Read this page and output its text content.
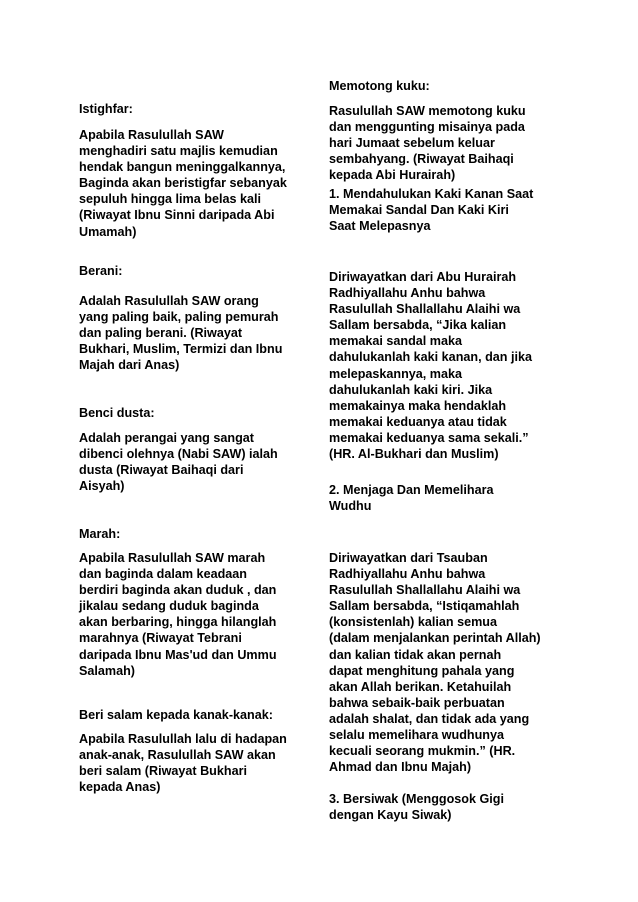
Istighfar:

Apabila Rasulullah SAW
menghadiri satu majlis kemudian
hendak bangun meninggalkannya,
Baginda akan beristigfar sebanyak
sepuluh hingga lima belas kali
(Riwayat Ibnu Sinni daripada Abi
Umamah)

Berani:

Adalah Rasulullah SAW orang
yang paling baik, paling pemurah
dan paling berani. (Riwayat
Bukhari, Muslim, Termizi dan Ibnu
Majah dari Anas)

Benci dusta:

Adalah perangai yang sangat
dibenci olehnya (Nabi SAW) ialah
dusta (Riwayat Baihaqi dari
Aisyah)

Marah:

Apabila Rasulullah SAW marah
dan baginda dalam keadaan
berdiri baginda akan duduk , dan
jikalau sedang duduk baginda
akan berbaring, hingga hilanglah
marahnya (Riwayat Tebrani
daripada Ibnu Mas'ud dan Ummu
Salamah)

Beri salam kepada kanak-kanak:

Apabila Rasulullah lalu di hadapan
anak-anak, Rasulullah SAW akan
beri salam (Riwayat Bukhari
kepada Anas)

Memotong kuku:

Rasulullah SAW memotong kuku
dan menggunting misainya pada
hari Jumaat sebelum keluar
sembahyang. (Riwayat Baihaqi
kepada Abi Hurairah)

1. Mendahulukan Kaki Kanan Saat
Memakai Sandal Dan Kaki Kiri
Saat Melepasnya

Diriwayatkan dari Abu Hurairah
Radhiyallahu Anhu bahwa
Rasulullah Shallallahu Alaihi wa
Sallam bersabda, “Jika kalian
memakai sandal maka
dahulukanlah kaki kanan, dan jika
melepaskannya, maka
dahulukanlah kaki kiri. Jika
memakainya maka hendaklah
memakai keduanya atau tidak
memakai keduanya sama sekali.”
(HR. Al-Bukhari dan Muslim)

2. Menjaga Dan Memelihara
Wudhu

Diriwayatkan dari Tsauban
Radhiyallahu Anhu bahwa
Rasulullah Shallallahu Alaihi wa
Sallam bersabda, “Istiqamahlah
(konsistenlah) kalian semua
(dalam menjalankan perintah Allah)
dan kalian tidak akan pernah
dapat menghitung pahala yang
akan Allah berikan. Ketahuilah
bahwa sebaik-baik perbuatan
adalah shalat, dan tidak ada yang
selalu memelihara wudhunya
kecuali seorang mukmin.” (HR.
Ahmad dan Ibnu Majah)

3. Bersiwak (Menggosok Gigi
dengan Kayu Siwak)
